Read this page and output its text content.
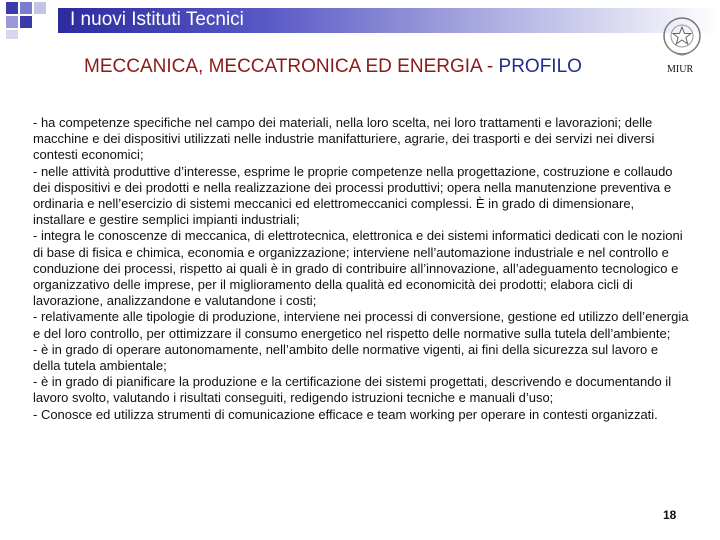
I nuovi Istituti Tecnici
MECCANICA, MECCATRONICA ED ENERGIA - PROFILO	MIUR

- ha competenze specifiche nel campo dei materiali, nella loro scelta, nei loro trattamenti e lavorazioni; delle macchine e dei dispositivi utilizzati nelle industrie manifatturiere, agrarie, dei trasporti e dei servizi nei diversi contesti economici;

- nelle attività produttive d’interesse, esprime le proprie competenze nella progettazione, costruzione e collaudo dei dispositivi e dei prodotti e nella realizzazione dei processi produttivi; opera nella manutenzione preventiva e ordinaria e nell’esercizio di sistemi meccanici ed elettromeccanici complessi. È in grado di dimensionare, installare e gestire semplici impianti industriali;

- integra le conoscenze di meccanica, di elettrotecnica, elettronica e dei sistemi informatici dedicati con le nozioni di base di fisica e chimica, economia e organizzazione; interviene nell’automazione industriale e nel controllo e conduzione dei processi, rispetto ai quali è in grado di contribuire all’innovazione, all’adeguamento tecnologico e organizzativo delle imprese, per il miglioramento della qualità ed economicità dei prodotti; elabora cicli di lavorazione, analizzandone e valutandone i costi;

- relativamente alle tipologie di produzione, interviene nei processi di conversione, gestione ed utilizzo dell’energia e del loro controllo, per ottimizzare il consumo energetico nel rispetto delle normative sulla tutela dell’ambiente;

- è in grado di operare autonomamente, nell’ambito delle normative vigenti, ai fini della sicurezza sul lavoro e della tutela ambientale;

- è in grado di pianificare la produzione e la certificazione dei sistemi progettati, descrivendo e documentando il lavoro svolto, valutando i risultati conseguiti, redigendo istruzioni tecniche e manuali d’uso;

- Conosce ed utilizza strumenti di comunicazione efficace e team working per operare in contesti organizzati.

18
